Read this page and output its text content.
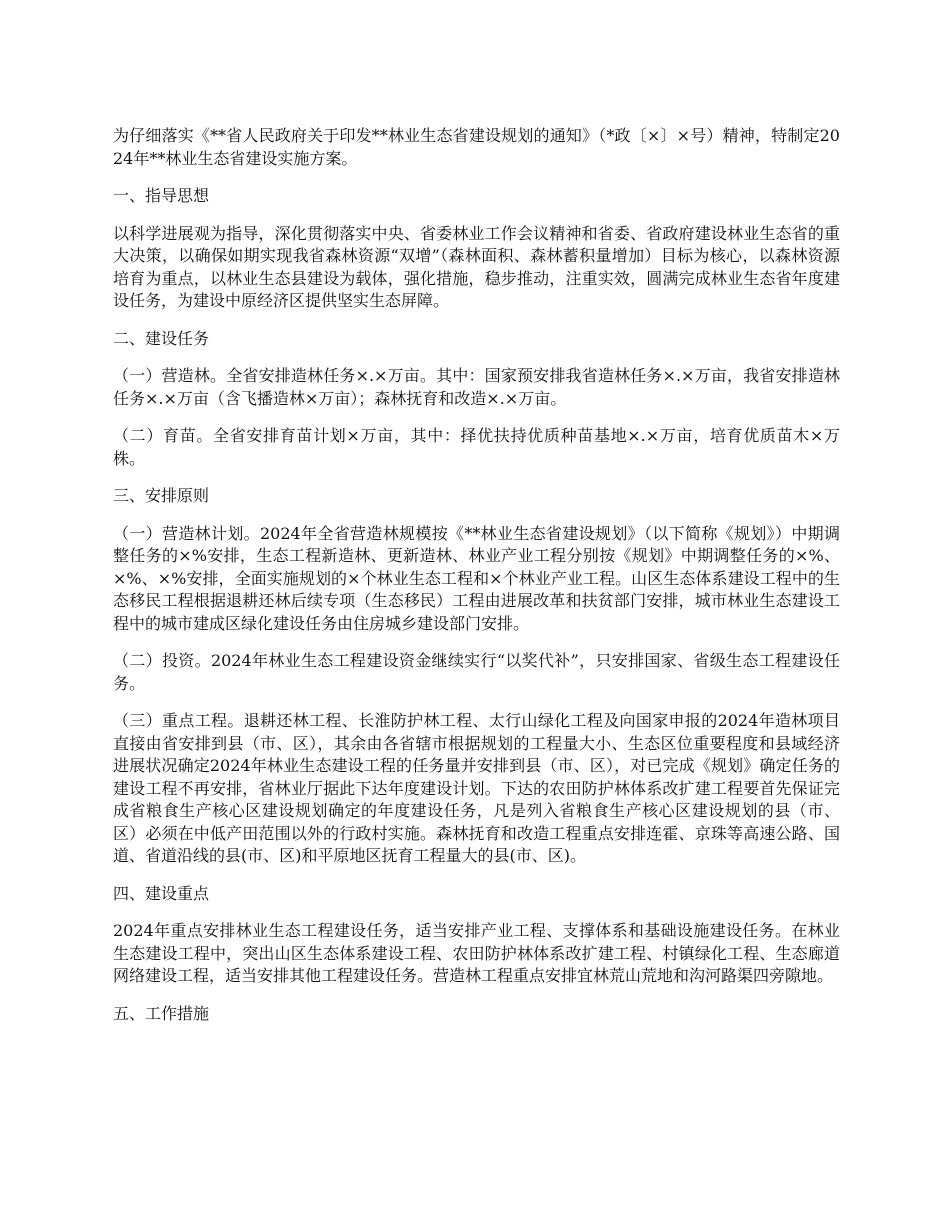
为仔细落实《**省人民政府关于印发**林业生态省建设规划的通知》（*政〔×〕×号）精神，特制定2024年**林业生态省建设实施方案。

一、指导思想

以科学进展观为指导，深化贯彻落实中央、省委林业工作会议精神和省委、省政府建设林业生态省的重大决策，以确保如期实现我省森林资源“双增”（森林面积、森林蓄积量增加）目标为核心，以森林资源培育为重点，以林业生态县建设为载体，强化措施，稳步推动，注重实效，圆满完成林业生态省年度建设任务，为建设中原经济区提供坚实生态屏障。

二、建设任务

（一）营造林。全省安排造林任务×.×万亩。其中：国家预安排我省造林任务×.×万亩，我省安排造林任务×.×万亩（含飞播造林×万亩）；森林抚育和改造×.×万亩。

（二）育苗。全省安排育苗计划×万亩，其中：择优扶持优质种苗基地×.×万亩，培育优质苗木×万株。

三、安排原则

（一）营造林计划。2024年全省营造林规模按《**林业生态省建设规划》（以下简称《规划》）中期调整任务的×%安排，生态工程新造林、更新造林、林业产业工程分别按《规划》中期调整任务的×%、×%、×%安排，全面实施规划的×个林业生态工程和×个林业产业工程。山区生态体系建设工程中的生态移民工程根据退耕还林后续专项（生态移民）工程由进展改革和扶贫部门安排，城市林业生态建设工程中的城市建成区绿化建设任务由住房城乡建设部门安排。

（二）投资。2024年林业生态工程建设资金继续实行“以奖代补”，只安排国家、省级生态工程建设任务。

（三）重点工程。退耕还林工程、长淮防护林工程、太行山绿化工程及向国家申报的2024年造林项目直接由省安排到县（市、区），其余由各省辖市根据规划的工程量大小、生态区位重要程度和县域经济进展状况确定2024年林业生态建设工程的任务量并安排到县（市、区），对已完成《规划》确定任务的建设工程不再安排，省林业厅据此下达年度建设计划。下达的农田防护林体系改扩建工程要首先保证完成省粮食生产核心区建设规划确定的年度建设任务，凡是列入省粮食生产核心区建设规划的县（市、区）必须在中低产田范围以外的行政村实施。森林抚育和改造工程重点安排连霍、京珠等高速公路、国道、省道沿线的县(市、区)和平原地区抚育工程量大的县(市、区)。

四、建设重点

2024年重点安排林业生态工程建设任务，适当安排产业工程、支撑体系和基础设施建设任务。在林业生态建设工程中，突出山区生态体系建设工程、农田防护林体系改扩建工程、村镇绿化工程、生态廊道网络建设工程，适当安排其他工程建设任务。营造林工程重点安排宜林荒山荒地和沟河路渠四旁隙地。

五、工作措施
